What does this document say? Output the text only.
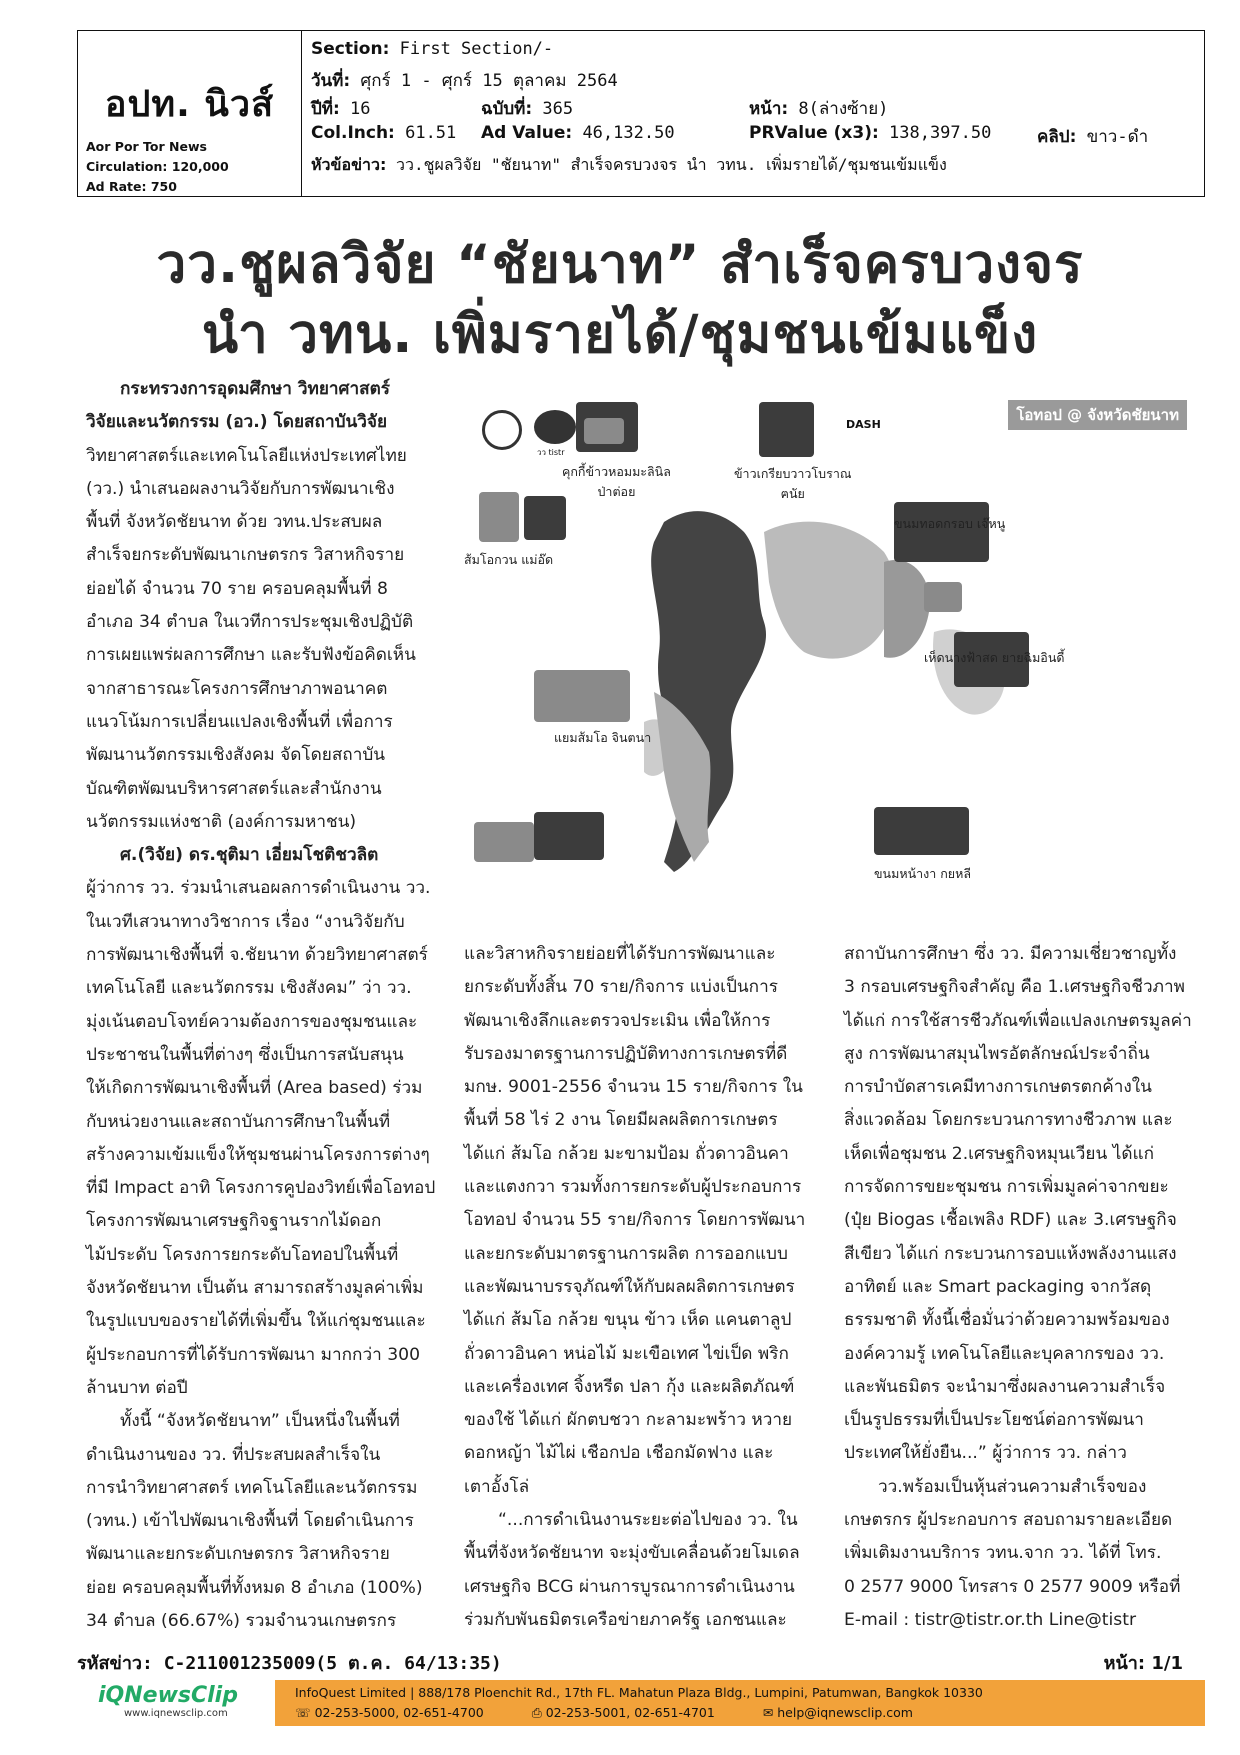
อปท. นิวส์
Aor Por Tor News
Circulation: 120,000
Ad Rate: 750
Section: First Section/-
วันที่: ศุกร์ 1 - ศุกร์ 15 ตุลาคม 2564
ปีที่: 16	ฉบับที่: 365	หน้า: 8(ล่างซ้าย)
Col.Inch: 61.51 Ad Value: 46,132.50	PRValue (x3): 138,397.50	คลิป: ขาว-ดำ
หัวข้อข่าว: วว.ชูผลวิจัย "ชัยนาท" สำเร็จครบวงจร นำ วทน. เพิ่มรายได้/ชุมชนเข้มแข็ง
วว.ชูผลวิจัย “ชัยนาท” สำเร็จครบวงจร
นำ วทน. เพิ่มรายได้/ชุมชนเข้มแข็ง
โอทอป @ จังหวัดชัยนาท
วว tistr
DASH
คุกกี้ข้าวหอมมะลินิล
ป่าต่อย
ข้าวเกรียบวาวโบราณ
ฅนัย
ขนมทอดกรอบ เจ๊หนู
ส้มโอกวน แม่อ๊ด
เห็ดนางฟ้าสด ยายฉิมอินดี้
แยมส้มโอ จินตนา
ขนมหน้างา กยหลี

กระทรวงการอุดมศึกษา วิทยาศาสตร์

วิจัยและนวัตกรรม (อว.) โดยสถาบันวิจัย

วิทยาศาสตร์และเทคโนโลยีแห่งประเทศไทย

(วว.) นำเสนอผลงานวิจัยกับการพัฒนาเชิง

พื้นที่ จังหวัดชัยนาท ด้วย วทน.ประสบผล

สำเร็จยกระดับพัฒนาเกษตรกร วิสาหกิจราย

ย่อยได้ จำนวน 70 ราย ครอบคลุมพื้นที่ 8

อำเภอ 34 ตำบล ในเวทีการประชุมเชิงปฏิบัติ

การเผยแพร่ผลการศึกษา และรับฟังข้อคิดเห็น

จากสาธารณะโครงการศึกษาภาพอนาคต

แนวโน้มการเปลี่ยนแปลงเชิงพื้นที่ เพื่อการ

พัฒนานวัตกรรมเชิงสังคม จัดโดยสถาบัน

บัณฑิตพัฒนบริหารศาสตร์และสำนักงาน

นวัตกรรมแห่งชาติ (องค์การมหาชน)

ศ.(วิจัย) ดร.ชุติมา เอี่ยมโชติชวลิต

ผู้ว่าการ วว. ร่วมนำเสนอผลการดำเนินงาน วว.

ในเวทีเสวนาทางวิชาการ เรื่อง “งานวิจัยกับ

การพัฒนาเชิงพื้นที่ จ.ชัยนาท ด้วยวิทยาศาสตร์

เทคโนโลยี และนวัตกรรม เชิงสังคม” ว่า วว.

มุ่งเน้นตอบโจทย์ความต้องการของชุมชนและ

ประชาชนในพื้นที่ต่างๆ ซึ่งเป็นการสนับสนุน

ให้เกิดการพัฒนาเชิงพื้นที่ (Area based) ร่วม

กับหน่วยงานและสถาบันการศึกษาในพื้นที่

สร้างความเข้มแข็งให้ชุมชนผ่านโครงการต่างๆ

ที่มี Impact อาทิ โครงการคูปองวิทย์เพื่อโอทอป

โครงการพัฒนาเศรษฐกิจฐานรากไม้ดอก

ไม้ประดับ โครงการยกระดับโอทอปในพื้นที่

จังหวัดชัยนาท เป็นต้น สามารถสร้างมูลค่าเพิ่ม

ในรูปแบบของรายได้ที่เพิ่มขึ้น ให้แก่ชุมชนและ

ผู้ประกอบการที่ได้รับการพัฒนา มากกว่า 300

ล้านบาท ต่อปี

ทั้งนี้ “จังหวัดชัยนาท” เป็นหนึ่งในพื้นที่

ดำเนินงานของ วว. ที่ประสบผลสำเร็จใน

การนำวิทยาศาสตร์ เทคโนโลยีและนวัตกรรม

(วทน.) เข้าไปพัฒนาเชิงพื้นที่ โดยดำเนินการ

พัฒนาและยกระดับเกษตรกร วิสาหกิจราย

ย่อย ครอบคลุมพื้นที่ทั้งหมด 8 อำเภอ (100%)

34 ตำบล (66.67%) รวมจำนวนเกษตรกร

และวิสาหกิจรายย่อยที่ได้รับการพัฒนาและ

ยกระดับทั้งสิ้น 70 ราย/กิจการ แบ่งเป็นการ

พัฒนาเชิงลึกและตรวจประเมิน เพื่อให้การ

รับรองมาตรฐานการปฏิบัติทางการเกษตรที่ดี

มกษ. 9001-2556 จำนวน 15 ราย/กิจการ ใน

พื้นที่ 58 ไร่ 2 งาน โดยมีผลผลิตการเกษตร

ได้แก่ ส้มโอ กล้วย มะขามป้อม ถั่วดาวอินคา

และแตงกวา รวมทั้งการยกระดับผู้ประกอบการ

โอทอป จำนวน 55 ราย/กิจการ โดยการพัฒนา

และยกระดับมาตรฐานการผลิต การออกแบบ

และพัฒนาบรรจุภัณฑ์ให้กับผลผลิตการเกษตร

ได้แก่ ส้มโอ กล้วย ขนุน ข้าว เห็ด แคนตาลูป

ถั่วดาวอินคา หน่อไม้ มะเขือเทศ ไข่เป็ด พริก

และเครื่องเทศ จิ้งหรีด ปลา กุ้ง และผลิตภัณฑ์

ของใช้ ได้แก่ ผักตบชวา กะลามะพร้าว หวาย

ดอกหญ้า ไม้ไผ่ เชือกปอ เชือกมัดฟาง และ

เตาอั้งโล่

“...การดำเนินงานระยะต่อไปของ วว. ใน

พื้นที่จังหวัดชัยนาท จะมุ่งขับเคลื่อนด้วยโมเดล

เศรษฐกิจ BCG ผ่านการบูรณาการดำเนินงาน

ร่วมกับพันธมิตรเครือข่ายภาครัฐ เอกชนและ

สถาบันการศึกษา ซึ่ง วว. มีความเชี่ยวชาญทั้ง

3 กรอบเศรษฐกิจสำคัญ คือ 1.เศรษฐกิจชีวภาพ

ได้แก่ การใช้สารชีวภัณฑ์เพื่อแปลงเกษตรมูลค่า

สูง การพัฒนาสมุนไพรอัตลักษณ์ประจำถิ่น

การบำบัดสารเคมีทางการเกษตรตกค้างใน

สิ่งแวดล้อม โดยกระบวนการทางชีวภาพ และ

เห็ดเพื่อชุมชน 2.เศรษฐกิจหมุนเวียน ได้แก่

การจัดการขยะชุมชน การเพิ่มมูลค่าจากขยะ

(ปุ๋ย Biogas เชื้อเพลิง RDF) และ 3.เศรษฐกิจ

สีเขียว ได้แก่ กระบวนการอบแห้งพลังงานแสง

อาทิตย์ และ Smart packaging จากวัสดุ

ธรรมชาติ ทั้งนี้เชื่อมั่นว่าด้วยความพร้อมของ

องค์ความรู้ เทคโนโลยีและบุคลากรของ วว.

และพันธมิตร จะนำมาซึ่งผลงานความสำเร็จ

เป็นรูปธรรมที่เป็นประโยชน์ต่อการพัฒนา

ประเทศให้ยั่งยืน...” ผู้ว่าการ วว. กล่าว

วว.พร้อมเป็นหุ้นส่วนความสำเร็จของ

เกษตรกร ผู้ประกอบการ สอบถามรายละเอียด

เพิ่มเติมงานบริการ วทน.จาก วว. ได้ที่ โทร.

0 2577 9000 โทรสาร 0 2577 9009 หรือที่

E-mail : tistr@tistr.or.th Line@tistr

รหัสข่าว: C-211001235009(5 ต.ค. 64/13:35)	หน้า: 1/1
iQNewsClip
www.iqnewsclip.com
InfoQuest Limited | 888/178 Ploenchit Rd., 17th FL. Mahatun Plaza Bldg., Lumpini, Patumwan, Bangkok 10330
☏ 02-253-5000, 02-651-4700	⎙ 02-253-5001, 02-651-4701	✉ help@iqnewsclip.com
